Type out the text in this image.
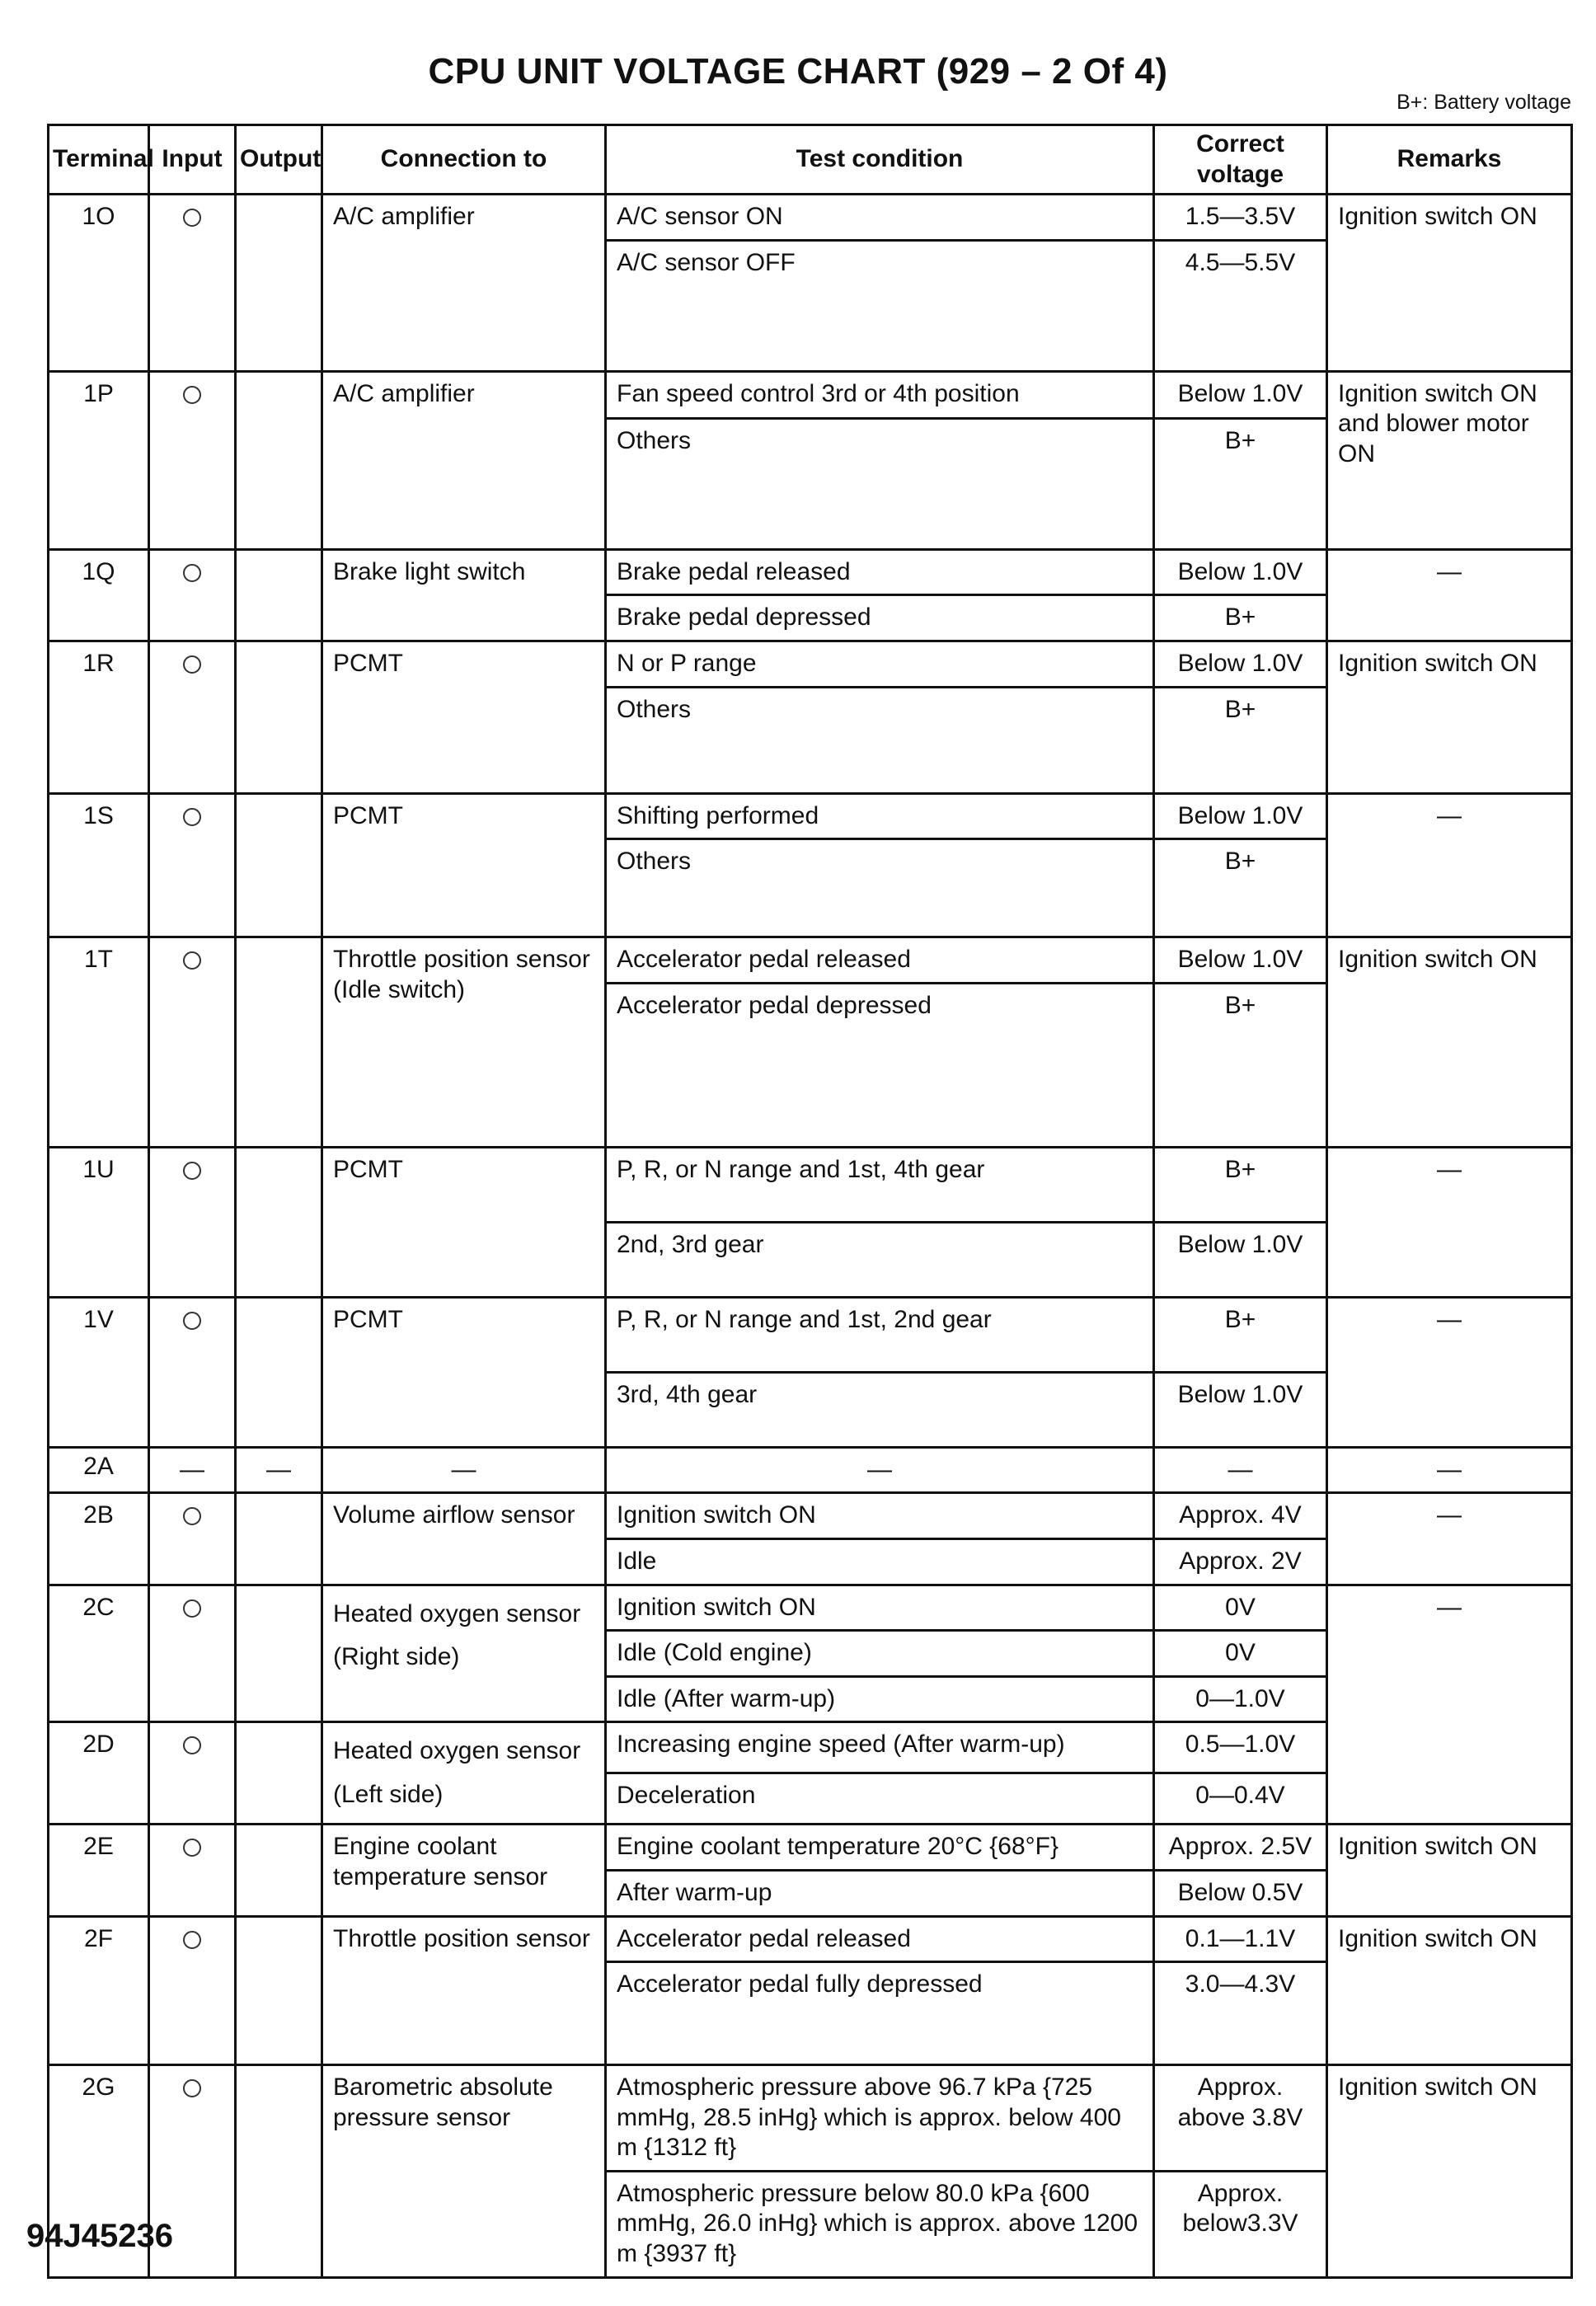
CPU UNIT VOLTAGE CHART (929 – 2 Of 4)
B+: Battery voltage
Terminal	Input	Output	Connection to	Test condition	Correct voltage	Remarks
1O			A/C amplifier	A/C sensor ON	1.5—3.5V	Ignition switch ON
				A/C sensor OFF	4.5—5.5V	
1P			A/C amplifier	Fan speed control 3rd or 4th position	Below 1.0V	Ignition switch ON and blower motor ON
				Others	B+	
1Q			Brake light switch	Brake pedal released	Below 1.0V	—
				Brake pedal depressed	B+	
1R			PCMT	N or P range	Below 1.0V	Ignition switch ON
				Others	B+	
1S			PCMT	Shifting performed	Below 1.0V	—
				Others	B+	
1T			Throttle position sensor (Idle switch)	Accelerator pedal released	Below 1.0V	Ignition switch ON
				Accelerator pedal depressed	B+	
1U			PCMT	P, R, or N range and 1st, 4th gear	B+	—
				2nd, 3rd gear	Below 1.0V	
1V			PCMT	P, R, or N range and 1st, 2nd gear	B+	—
				3rd, 4th gear	Below 1.0V	
2A	—	—	—	—	—	—
2B			Volume airflow sensor	Ignition switch ON	Approx. 4V	—
				Idle	Approx. 2V	
2C			Heated oxygen sensor (Right side)	Ignition switch ON	0V	—
				Idle (Cold engine)	0V	
				Idle (After warm-up)	0—1.0V	
2D			Heated oxygen sensor (Left side)	Increasing engine speed (After warm-up)	0.5—1.0V	
				Deceleration	0—0.4V	
2E			Engine coolant temperature sensor	Engine coolant temperature 20°C {68°F}	Approx. 2.5V	Ignition switch ON
				After warm-up	Below 0.5V	
2F			Throttle position sensor	Accelerator pedal released	0.1—1.1V	Ignition switch ON
				Accelerator pedal fully depressed	3.0—4.3V	
2G			Barometric absolute pressure sensor	Atmospheric pressure above 96.7 kPa {725 mmHg, 28.5 inHg} which is approx. below 400 m {1312 ft}	Approx. above 3.8V	Ignition switch ON
				Atmospheric pressure below 80.0 kPa {600 mmHg, 26.0 inHg} which is approx. above 1200 m {3937 ft}	Approx. below3.3V	
94J45236
